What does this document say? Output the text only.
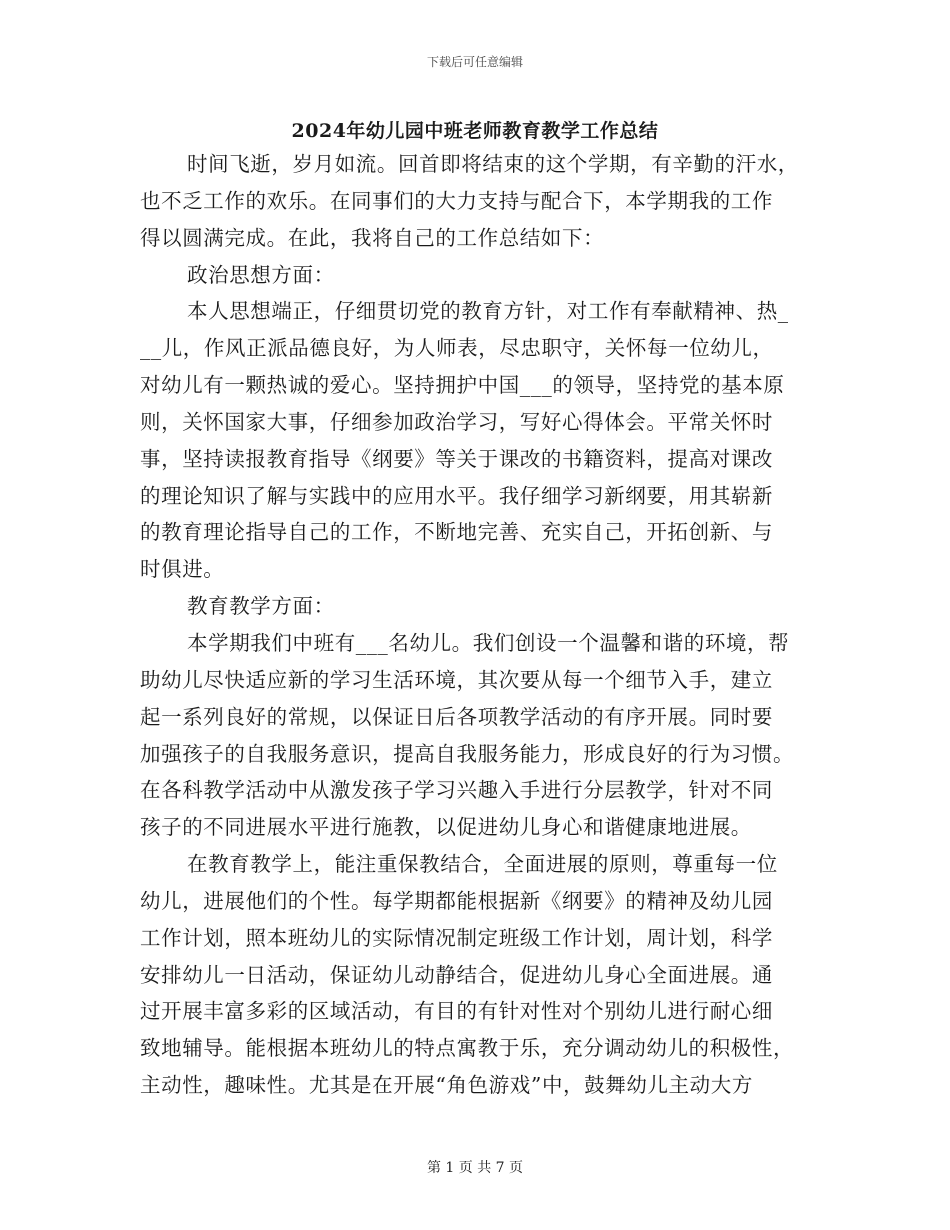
下载后可任意编辑
2024年幼儿园中班老师教育教学工作总结
时间飞逝，岁月如流。回首即将结束的这个学期，有辛勤的汗水，
也不乏工作的欢乐。在同事们的大力支持与配合下，本学期我的工作
得以圆满完成。在此，我将自己的工作总结如下：
政治思想方面：
本人思想端正，仔细贯切党的教育方针，对工作有奉献精神、热_
__儿，作风正派品德良好，为人师表，尽忠职守，关怀每一位幼儿，
对幼儿有一颗热诚的爱心。坚持拥护中国___的领导，坚持党的基本原
则，关怀国家大事，仔细参加政治学习，写好心得体会。平常关怀时
事，坚持读报教育指导《纲要》等关于课改的书籍资料，提高对课改
的理论知识了解与实践中的应用水平。我仔细学习新纲要，用其崭新
的教育理论指导自己的工作，不断地完善、充实自己，开拓创新、与
时俱进。
教育教学方面：
本学期我们中班有___名幼儿。我们创设一个温馨和谐的环境，帮
助幼儿尽快适应新的学习生活环境，其次要从每一个细节入手，建立
起一系列良好的常规，以保证日后各项教学活动的有序开展。同时要
加强孩子的自我服务意识，提高自我服务能力，形成良好的行为习惯。
在各科教学活动中从激发孩子学习兴趣入手进行分层教学，针对不同
孩子的不同进展水平进行施教，以促进幼儿身心和谐健康地进展。
在教育教学上，能注重保教结合，全面进展的原则，尊重每一位
幼儿，进展他们的个性。每学期都能根据新《纲要》的精神及幼儿园
工作计划，照本班幼儿的实际情况制定班级工作计划，周计划，科学
安排幼儿一日活动，保证幼儿动静结合，促进幼儿身心全面进展。通
过开展丰富多彩的区域活动，有目的有针对性对个别幼儿进行耐心细
致地辅导。能根据本班幼儿的特点寓教于乐，充分调动幼儿的积极性，
主动性，趣味性。尤其是在开展“角色游戏”中，鼓舞幼儿主动大方
第 1 页 共 7 页
